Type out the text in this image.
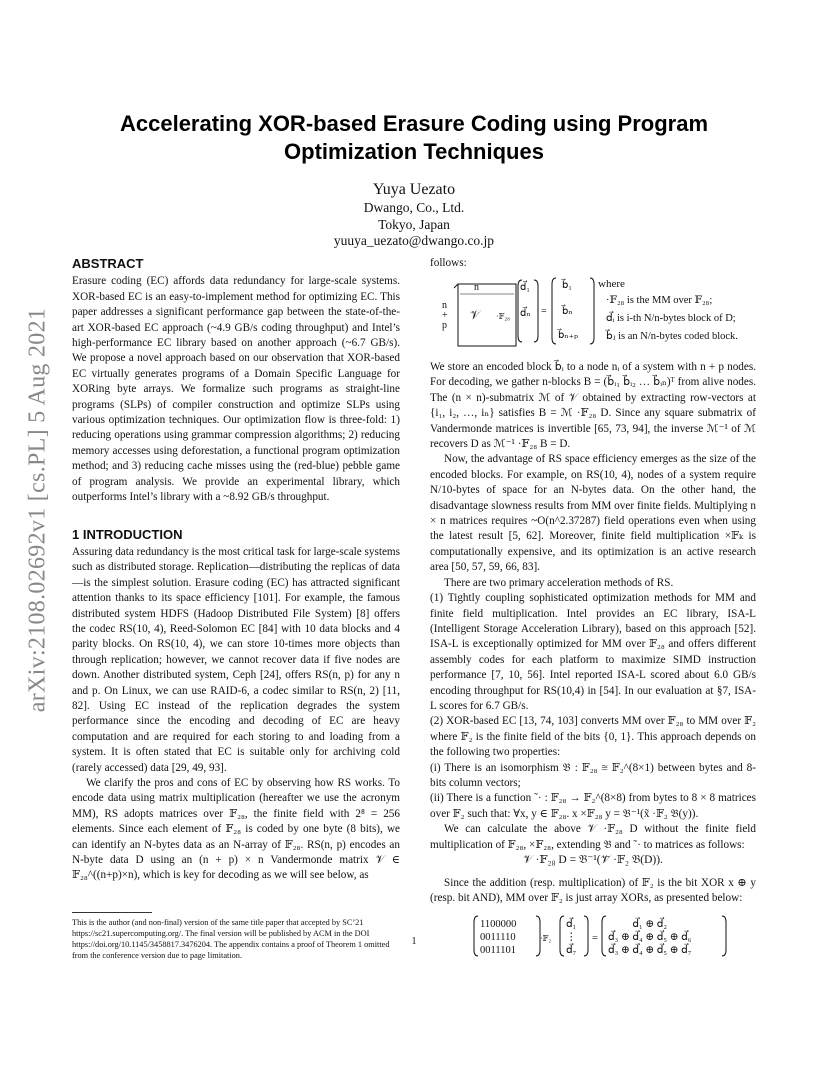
arXiv:2108.02692v1 [cs.PL] 5 Aug 2021
Accelerating XOR-based Erasure Coding using Program Optimization Techniques
Yuya Uezato
Dwango, Co., Ltd.
Tokyo, Japan
yuuya_uezato@dwango.co.jp
ABSTRACT

Erasure coding (EC) affords data redundancy for large-scale systems. XOR-based EC is an easy-to-implement method for optimizing EC. This paper addresses a significant performance gap between the state-of-the-art XOR-based EC approach (~4.9 GB/s coding throughput) and Intel’s high-performance EC library based on another approach (~6.7 GB/s). We propose a novel approach based on our observation that XOR-based EC virtually generates programs of a Domain Specific Language for XORing byte arrays. We formalize such programs as straight-line programs (SLPs) of compiler construction and optimize SLPs using various optimization techniques. Our optimization flow is three-fold: 1) reducing operations using grammar compression algorithms; 2) reducing memory accesses using deforestation, a functional program optimization method; and 3) reducing cache misses using the (red-blue) pebble game of program analysis. We provide an experimental library, which outperforms Intel’s library with a ~8.92 GB/s throughput.

1 INTRODUCTION

Assuring data redundancy is the most critical task for large-scale systems such as distributed storage. Replication—distributing the replicas of data—is the simplest solution. Erasure coding (EC) has attracted significant attention thanks to its space efficiency [101]. For example, the famous distributed system HDFS (Hadoop Distributed File System) [8] offers the codec RS(10, 4), Reed-Solomon EC [84] with 10 data blocks and 4 parity blocks. On RS(10, 4), we can store 10-times more objects than through replication; however, we cannot recover data if five nodes are down. Another distributed system, Ceph [24], offers RS(n, p) for any n and p. On Linux, we can use RAID-6, a codec similar to RS(n, 2) [11, 82]. Using EC instead of the replication degrades the system performance since the encoding and decoding of EC are heavy computation and are required for each storing to and loading from a system. It is often stated that EC is suitable only for archiving cold (rarely accessed) data [29, 49, 93].

We clarify the pros and cons of EC by observing how RS works. To encode data using matrix multiplication (hereafter we use the acronym MM), RS adopts matrices over 𝔽₂₈, the finite field with 2⁸ = 256 elements. Since each element of 𝔽₂₈ is coded by one byte (8 bits), we can identify an N-bytes data as an N-array of 𝔽₂₈. RS(n, p) encodes an N-byte data D using an (n + p) × n Vandermonde matrix 𝒱 ∈ 𝔽₂₈^((n+p)×n), which is key for decoding as we will see below, as

This is the author (and non-final) version of the same title paper that accepted by SC’21 https://sc21.supercomputing.org/. The final version will be published by ACM in the DOI https://doi.org/10.1145/3458817.3476204. The appendix contains a proof of Theorem 1 omitted from the conference version due to page limitation.
1
follows:
n
n
+
p
𝒱 ·𝔽₂₈
d⃗₁
d⃗ₙ =
b⃗₁
b⃗ₙ
b⃗ₙ₊ₚ
where
·𝔽₂₈ is the MM over 𝔽₂₈;
d⃗ᵢ is i-th N/n-bytes block of D;
b⃗ⱼ is an N/n-bytes coded block.

We store an encoded block b⃗ᵢ to a node nᵢ of a system with n + p nodes. For decoding, we gather n-blocks B = (b⃗ᵢ₁ b⃗ᵢ₂ … b⃗ᵢₙ)ᵀ from alive nodes. The (n × n)-submatrix ℳ of 𝒱 obtained by extracting row-vectors at {i₁, i₂, …, iₙ} satisfies B = ℳ ·𝔽₂₈ D. Since any square submatrix of Vandermonde matrices is invertible [65, 73, 94], the inverse ℳ⁻¹ of ℳ recovers D as ℳ⁻¹ ·𝔽₂₈ B = D.

Now, the advantage of RS space efficiency emerges as the size of the encoded blocks. For example, on RS(10, 4), nodes of a system require N/10-bytes of space for an N-bytes data. On the other hand, the disadvantage slowness results from MM over finite fields. Multiplying n × n matrices requires ~O(n^2.37287) field operations even when using the latest result [5, 62]. Moreover, finite field multiplication ×𝔽ₖ is computationally expensive, and its optimization is an active research area [50, 57, 59, 66, 83].

There are two primary acceleration methods of RS.

(1) Tightly coupling sophisticated optimization methods for MM and finite field multiplication. Intel provides an EC library, ISA-L (Intelligent Storage Acceleration Library), based on this approach [52]. ISA-L is exceptionally optimized for MM over 𝔽₂₈ and offers different assembly codes for each platform to maximize SIMD instruction performance [7, 10, 56]. Intel reported ISA-L scored about 6.0 GB/s encoding throughput for RS(10,4) in [54]. In our evaluation at §7, ISA-L scores for 6.7 GB/s.

(2) XOR-based EC [13, 74, 103] converts MM over 𝔽₂₈ to MM over 𝔽₂ where 𝔽₂ is the finite field of the bits {0, 1}. This approach depends on the following two properties:

(i) There is an isomorphism 𝔅 : 𝔽₂₈ ≅ 𝔽₂^(8×1) between bytes and 8-bits column vectors;

(ii) There is a function ˜· : 𝔽₂₈ → 𝔽₂^(8×8) from bytes to 8 × 8 matrices over 𝔽₂ such that: ∀x, y ∈ 𝔽₂₈. x ×𝔽₂₈ y = 𝔅⁻¹(x̃ ·𝔽₂ 𝔅(y)).

We can calculate the above 𝒱 ·𝔽₂₈ D without the finite field multiplication of 𝔽₂₈, ×𝔽₂₈, extending 𝔅 and ˜· to matrices as follows:

𝒱 ·𝔽₂₈ D = 𝔅⁻¹(𝒱̃ ·𝔽₂ 𝔅(D)).

Since the addition (resp. multiplication) of 𝔽₂ is the bit XOR x ⊕ y (resp. bit AND), MM over 𝔽₂ is just array XORs, as presented below:

1100000
0011110
0011101
·𝔽₂
d⃗₁
⋮
d⃗₇
=
d⃗₁ ⊕ d⃗₂
d⃗₃ ⊕ d⃗₄ ⊕ d⃗₅ ⊕ d⃗₆
d⃗₃ ⊕ d⃗₄ ⊕ d⃗₅ ⊕ d⃗₇
